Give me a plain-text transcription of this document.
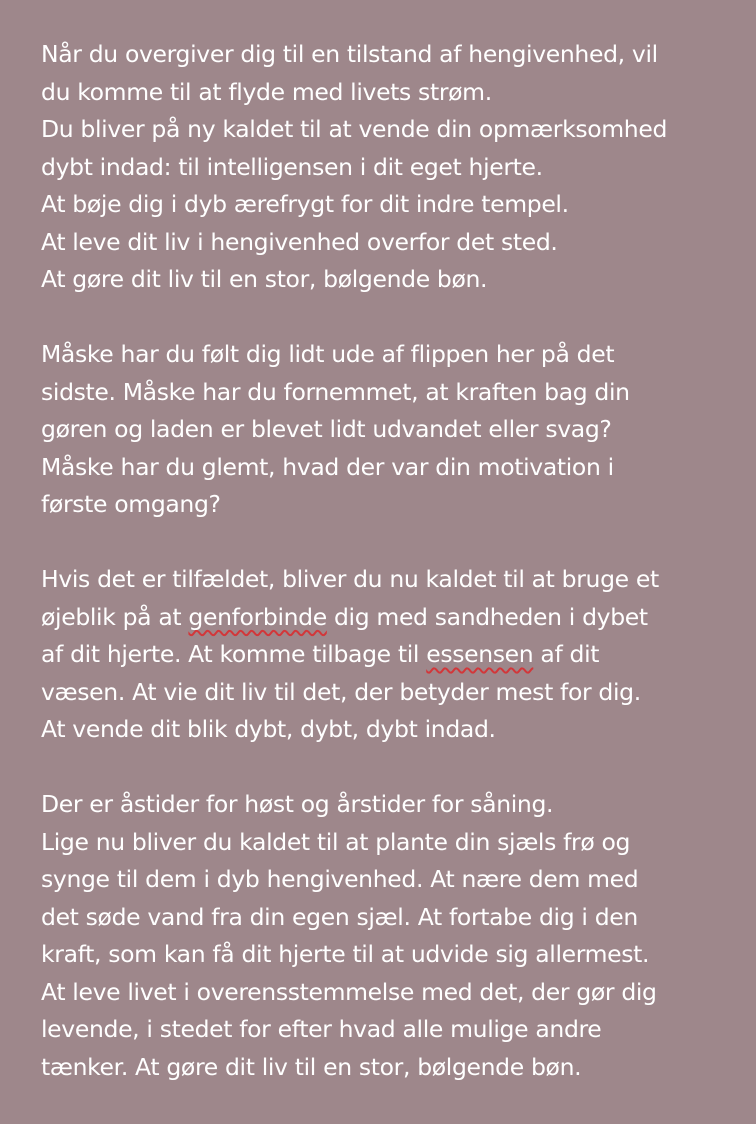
Når du overgiver dig til en tilstand af hengivenhed, vil
du komme til at flyde med livets strøm.
Du bliver på ny kaldet til at vende din opmærksomhed
dybt indad: til intelligensen i dit eget hjerte.
At bøje dig i dyb ærefrygt for dit indre tempel.
At leve dit liv i hengivenhed overfor det sted.
At gøre dit liv til en stor, bølgende bøn.
Måske har du følt dig lidt ude af flippen her på det
sidste. Måske har du fornemmet, at kraften bag din
gøren og laden er blevet lidt udvandet eller svag?
Måske har du glemt, hvad der var din motivation i
første omgang?
Hvis det er tilfældet, bliver du nu kaldet til at bruge et
øjeblik på at genforbinde dig med sandheden i dybet
af dit hjerte. At komme tilbage til essensen af dit
væsen. At vie dit liv til det, der betyder mest for dig.
At vende dit blik dybt, dybt, dybt indad.
Der er åstider for høst og årstider for såning.
Lige nu bliver du kaldet til at plante din sjæls frø og
synge til dem i dyb hengivenhed. At nære dem med
det søde vand fra din egen sjæl. At fortabe dig i den
kraft, som kan få dit hjerte til at udvide sig allermest.
At leve livet i overensstemmelse med det, der gør dig
levende, i stedet for efter hvad alle mulige andre
tænker. At gøre dit liv til en stor, bølgende bøn.
